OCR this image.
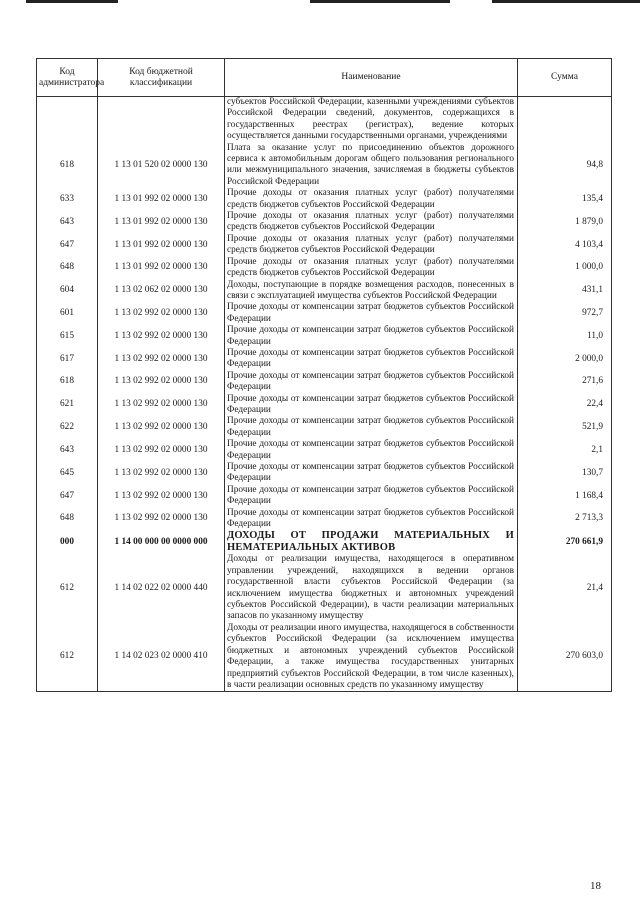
Код администратора	Код бюджетной классификации	Наименование	Сумма
		субъектов Российской Федерации, казенными учреждениями субъектов Российской Федерации сведений, документов, содержащихся в государственных реестрах (регистрах), ведение которых осуществляется данными государственными органами, учреждениями	
618	1 13 01 520 02 0000 130	Плата за оказание услуг по присоединению объектов дорожного сервиса к автомобильным дорогам общего пользования регионального или межмуниципального значения, зачисляемая в бюджеты субъектов Российской Федерации	94,8
633	1 13 01 992 02 0000 130	Прочие доходы от оказания платных услуг (работ) получателями средств бюджетов субъектов Российской Федерации	135,4
643	1 13 01 992 02 0000 130	Прочие доходы от оказания платных услуг (работ) получателями средств бюджетов субъектов Российской Федерации	1 879,0
647	1 13 01 992 02 0000 130	Прочие доходы от оказания платных услуг (работ) получателями средств бюджетов субъектов Российской Федерации	4 103,4
648	1 13 01 992 02 0000 130	Прочие доходы от оказания платных услуг (работ) получателями средств бюджетов субъектов Российской Федерации	1 000,0
604	1 13 02 062 02 0000 130	Доходы, поступающие в порядке возмещения расходов, понесенных в связи с эксплуатацией имущества субъектов Российской Федерации	431,1
601	1 13 02 992 02 0000 130	Прочие доходы от компенсации затрат бюджетов субъектов Российской Федерации	972,7
615	1 13 02 992 02 0000 130	Прочие доходы от компенсации затрат бюджетов субъектов Российской Федерации	11,0
617	1 13 02 992 02 0000 130	Прочие доходы от компенсации затрат бюджетов субъектов Российской Федерации	2 000,0
618	1 13 02 992 02 0000 130	Прочие доходы от компенсации затрат бюджетов субъектов Российской Федерации	271,6
621	1 13 02 992 02 0000 130	Прочие доходы от компенсации затрат бюджетов субъектов Российской Федерации	22,4
622	1 13 02 992 02 0000 130	Прочие доходы от компенсации затрат бюджетов субъектов Российской Федерации	521,9
643	1 13 02 992 02 0000 130	Прочие доходы от компенсации затрат бюджетов субъектов Российской Федерации	2,1
645	1 13 02 992 02 0000 130	Прочие доходы от компенсации затрат бюджетов субъектов Российской Федерации	130,7
647	1 13 02 992 02 0000 130	Прочие доходы от компенсации затрат бюджетов субъектов Российской Федерации	1 168,4
648	1 13 02 992 02 0000 130	Прочие доходы от компенсации затрат бюджетов субъектов Российской Федерации	2 713,3
000	1 14 00 000 00 0000 000	ДОХОДЫ ОТ ПРОДАЖИ МАТЕРИАЛЬНЫХ И НЕМАТЕРИАЛЬНЫХ АКТИВОВ	270 661,9
612	1 14 02 022 02 0000 440	Доходы от реализации имущества, находящегося в оперативном управлении учреждений, находящихся в ведении органов государственной власти субъектов Российской Федерации (за исключением имущества бюджетных и автономных учреждений субъектов Российской Федерации), в части реализации материальных запасов по указанному имуществу	21,4
612	1 14 02 023 02 0000 410	Доходы от реализации иного имущества, находящегося в собственности субъектов Российской Федерации (за исключением имущества бюджетных и автономных учреждений субъектов Российской Федерации, а также имущества государственных унитарных предприятий субъектов Российской Федерации, в том числе казенных), в части реализации основных средств по указанному имуществу	270 603,0
18
